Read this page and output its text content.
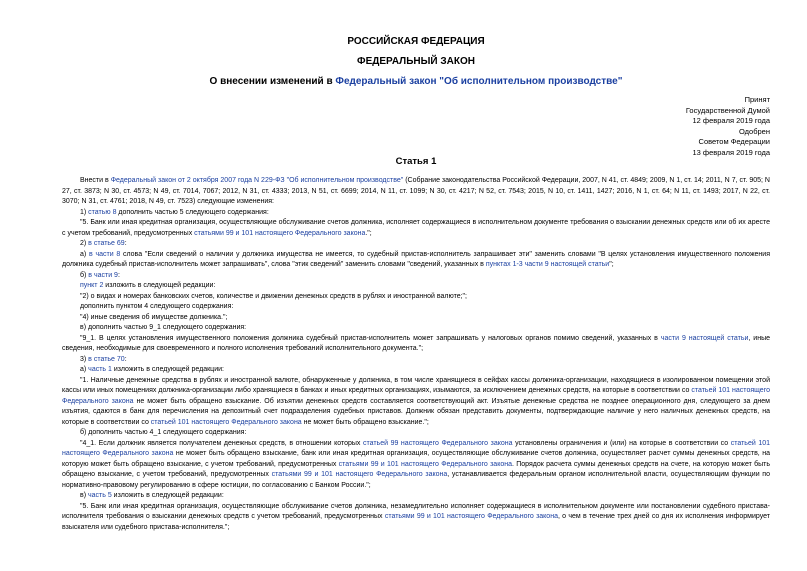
РОССИЙСКАЯ ФЕДЕРАЦИЯ
ФЕДЕРАЛЬНЫЙ ЗАКОН
О внесении изменений в Федеральный закон "Об исполнительном производстве"
Принят
Государственной Думой
12 февраля 2019 года
Одобрен
Советом Федерации
13 февраля 2019 года
Статья 1

Внести в Федеральный закон от 2 октября 2007 года N 229-ФЗ "Об исполнительном производстве" (Собрание законодательства Российской Федерации, 2007, N 41, ст. 4849; 2009, N 1, ст. 14; 2011, N 7, ст. 905; N 27, ст. 3873; N 30, ст. 4573; N 49, ст. 7014, 7067; 2012, N 31, ст. 4333; 2013, N 51, ст. 6699; 2014, N 11, ст. 1099; N 30, ст. 4217; N 52, ст. 7543; 2015, N 10, ст. 1411, 1427; 2016, N 1, ст. 64; N 11, ст. 1493; 2017, N 22, ст. 3070; N 31, ст. 4761; 2018, N 49, ст. 7523) следующие изменения:

1) статью 8 дополнить частью 5 следующего содержания:

"5. Банк или иная кредитная организация, осуществляющие обслуживание счетов должника, исполняет содержащиеся в исполнительном документе требования о взыскании денежных средств или об их аресте с учетом требований, предусмотренных статьями 99 и 101 настоящего Федерального закона.";

2) в статье 69:

а) в части 8 слова "Если сведений о наличии у должника имущества не имеется, то судебный пристав-исполнитель запрашивает эти" заменить словами "В целях установления имущественного положения должника судебный пристав-исполнитель может запрашивать", слова "этик сведений" заменить словами "сведений, указанных в пунктах 1-3 части 9 настоящей статьи";

б) в части 9:

пункт 2 изложить в следующей редакции:

"2) о видах и номерах банковских счетов, количестве и движении денежных средств в рублях и иностранной валюте;";

дополнить пунктом 4 следующего содержания:

"4) иные сведения об имуществе должника.";

в) дополнить частью 9_1 следующего содержания:

"9_1. В целях установления имущественного положения должника судебный пристав-исполнитель может запрашивать у налоговых органов помимо сведений, указанных в части 9 настоящей статьи, иные сведения, необходимые для своевременного и полного исполнения требований исполнительного документа.";

3) в статье 70:

а) часть 1 изложить в следующей редакции:

"1. Наличные денежные средства в рублях и иностранной валюте, обнаруженные у должника, в том числе хранящиеся в сейфах кассы должника-организации, находящиеся в изолированном помещении этой кассы или иных помещениях должника-организации либо хранящиеся в банках и иных кредитных организациях, изымаются, за исключением денежных средств, на которые в соответствии со статьей 101 настоящего Федерального закона не может быть обращено взыскание. Об изъятии денежных средств составляется соответствующий акт. Изъятые денежные средства не позднее операционного дня, следующего за днем изъятия, сдаются в банк для перечисления на депозитный счет подразделения судебных приставов. Должник обязан представить документы, подтверждающие наличие у него наличных денежных средств, на которые в соответствии со статьей 101 настоящего Федерального закона не может быть обращено взыскание.";

б) дополнить частью 4_1 следующего содержания:

"4_1. Если должник является получателем денежных средств, в отношении которых статьей 99 настоящего Федерального закона установлены ограничения и (или) на которые в соответствии со статьей 101 настоящего Федерального закона не может быть обращено взыскание, банк или иная кредитная организация, осуществляющие обслуживание счетов должника, осуществляет расчет суммы денежных средств, на которую может быть обращено взыскание, с учетом требований, предусмотренных статьями 99 и 101 настоящего Федерального закона. Порядок расчета суммы денежных средств на счете, на которую может быть обращено взыскание, с учетом требований, предусмотренных статьями 99 и 101 настоящего Федерального закона, устанавливается федеральным органом исполнительной власти, осуществляющим функции по нормативно-правовому регулированию в сфере юстиции, по согласованию с Банком России.";

в) часть 5 изложить в следующей редакции:

"5. Банк или иная кредитная организация, осуществляющие обслуживание счетов должника, незамедлительно исполняет содержащиеся в исполнительном документе или постановлении судебного пристава-исполнителя требования о взыскании денежных средств с учетом требований, предусмотренных статьями 99 и 101 настоящего Федерального закона, о чем в течение трех дней со дня их исполнения информирует взыскателя или судебного пристава-исполнителя.";
